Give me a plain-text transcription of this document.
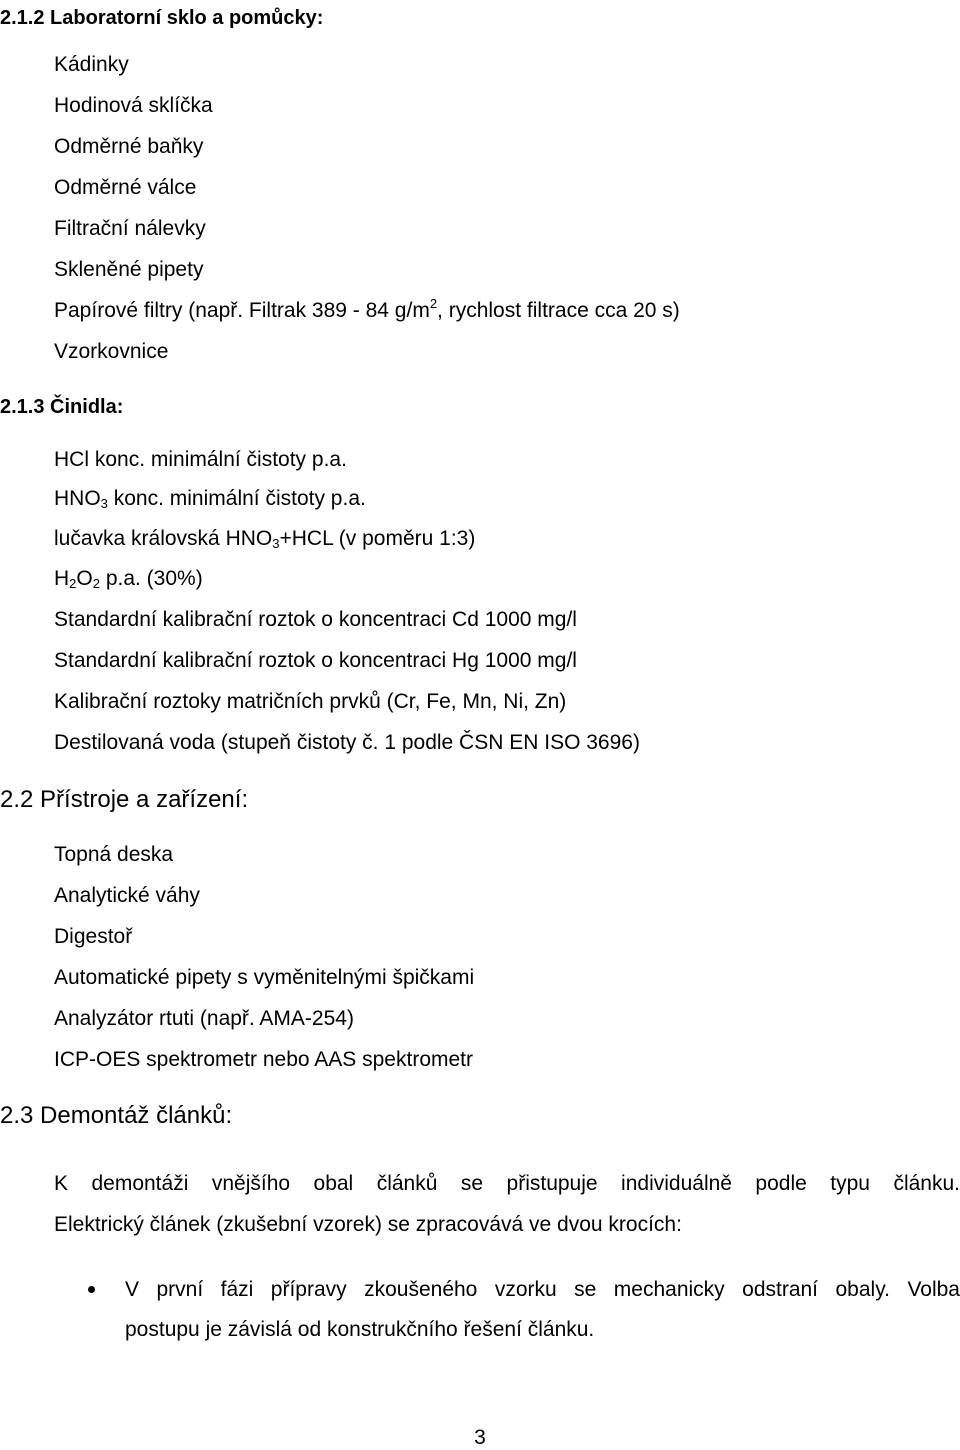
2.1.2 Laboratorní sklo a pomůcky:
Kádinky
Hodinová sklíčka
Odměrné baňky
Odměrné válce
Filtrační nálevky
Skleněné pipety
Papírové filtry (např. Filtrak 389 - 84 $g/m^2$, rychlost filtrace cca 20 s)
Vzorkovnice
2.1.3 Činidla:
HCl konc. minimální čistoty p.a.
$HNO_3$ konc. minimální čistoty p.a.
lučavka královská $HNO_3+HCL$ (v poměru 1:3)
$H_2O_2$ p.a. (30%)
Standardní kalibrační roztok o koncentraci Cd 1000 mg/l
Standardní kalibrační roztok o koncentraci Hg 1000 mg/l
Kalibrační roztoky matričních prvků (Cr, Fe, Mn, Ni, Zn)
Destilovaná voda (stupeň čistoty č. 1 podle ČSN EN ISO 3696)
2.2 Přístroje a zařízení:
Topná deska
Analytické váhy
Digestoř
Automatické pipety s vyměnitelnými špičkami
Analyzátor rtuti (např. AMA-254)
ICP-OES spektrometr nebo AAS spektrometr
2.3 Demontáž článků:
K demontáži vnějšího obal článků se přistupuje individuálně podle typu článku.
Elektrický článek (zkušební vzorek) se zpracovává ve dvou krocích:
V první fázi přípravy zkoušeného vzorku se mechanicky odstraní obaly. Volba
postupu je závislá od konstrukčního řešení článku.
3
